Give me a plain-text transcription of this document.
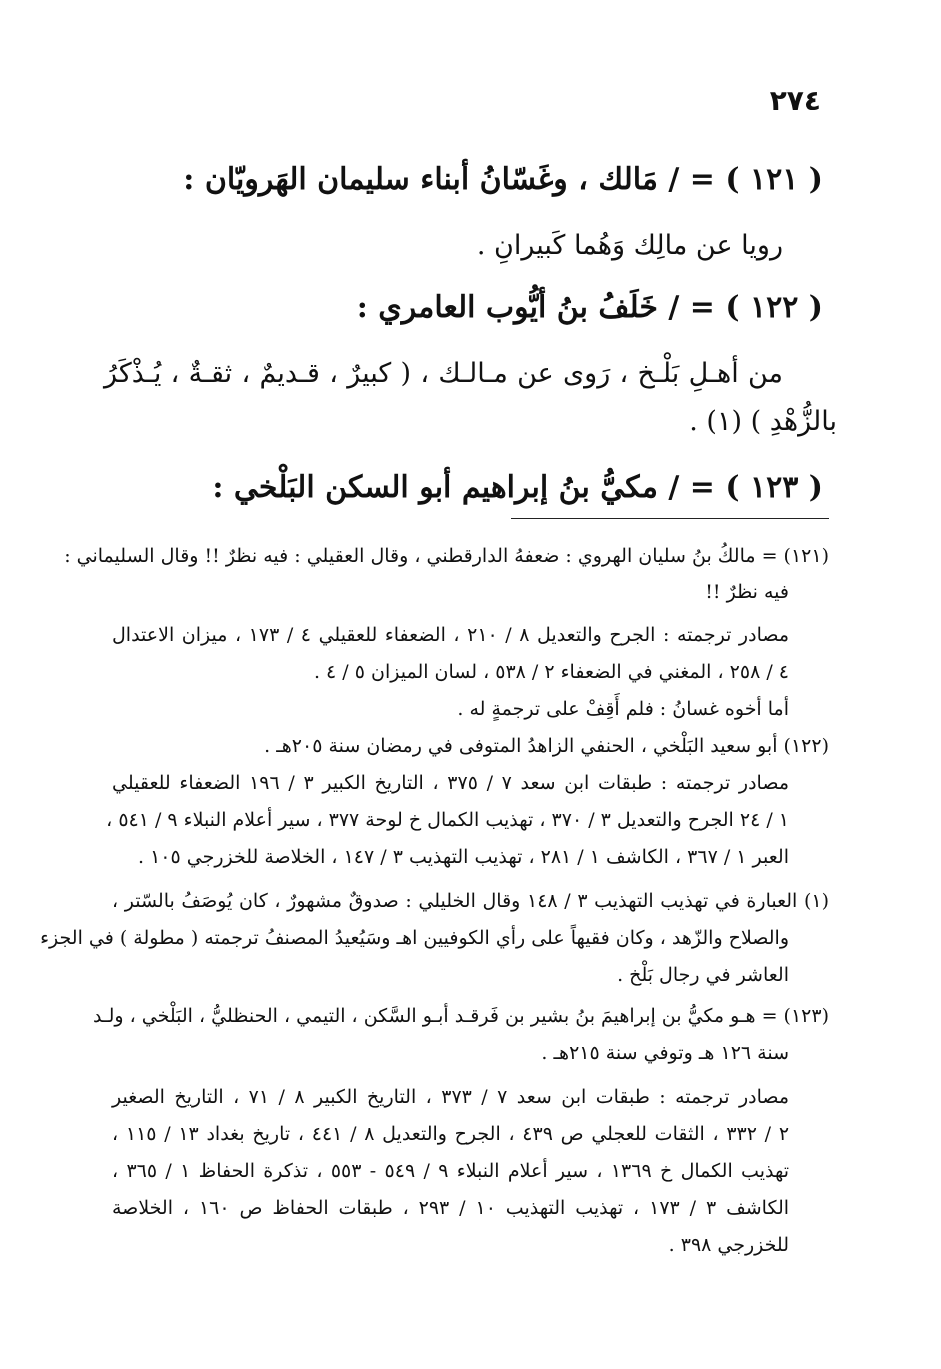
٢٧٤
( ١٢١ ) = / مَالك ، وغَسّانُ أبناء سليمان الهَرويّان :
رويا عن مالِك وَهُما كَبيرانِ .
( ١٢٢ ) = / خَلَفُ بنُ أيُّوب العامري :
من أهـلِ بَلْـخ ، رَوى عن مـالـك ، ( كبيرٌ ، قـديمٌ ، ثقـةٌ ، يُـذْكَرُ
بالزُّهْدِ ) (١) .
( ١٢٣ ) = / مكيُّ بنُ إبراهيم أبو السكن البَلْخي :
(١٢١) = مالكُ بنُ سليان الهروي : ضعفهُ الدارقطني ، وقال العقيلي : فيه نظرٌ !! وقال السليماني :
فيه نظرٌ !!
مصادر ترجمته : الجرح والتعديل ٨ / ٢١٠ ، الضعفاء للعقيلي ٤ / ١٧٣ ، ميزان الاعتدال
٤ / ٢٥٨ ، المغني في الضعفاء ٢ / ٥٣٨ ، لسان الميزان ٥ / ٤ .
أما أخوه غسانُ : فلم أَقِفْ على ترجمةٍ له .
(١٢٢) أبو سعيد البَلْخي ، الحنفي الزاهدُ المتوفى في رمضان سنة ٢٠٥هـ .
مصادر ترجمته : طبقات ابن سعد ٧ / ٣٧٥ ، التاريخ الكبير ٣ / ١٩٦ الضعفاء للعقيلي
١ / ٢٤ الجرح والتعديل ٣ / ٣٧٠ ، تهذيب الكمال خ لوحة ٣٧٧ ، سير أعلام النبلاء ٩ / ٥٤١ ،
العبر ١ / ٣٦٧ ، الكاشف ١ / ٢٨١ ، تهذيب التهذيب ٣ / ١٤٧ ، الخلاصة للخزرجي ١٠٥ .
(١) العبارة في تهذيب التهذيب ٣ / ١٤٨ وقال الخليلي : صدوقٌ مشهورٌ ، كان يُوصَفُ بالسّتر ،
والصلاح والزّهد ، وكان فقيهاً على رأي الكوفيين اهـ وسَيُعيدُ المصنفُ ترجمته ( مطولة ) في الجزء
العاشر في رجال بَلْخ .
(١٢٣) = هـو مكيُّ بن إبراهيمَ بنُ بشير بن فَرقـد أبـو السَّكن ، التيمي ، الحنظليُّ ، البَلْخي ، ولـد
سنة ١٢٦ هـ وتوفي سنة ٢١٥هـ .
مصادر ترجمته : طبقات ابن سعد ٧ / ٣٧٣ ، التاريخ الكبير ٨ / ٧١ ، التاريخ الصغير
٢ / ٣٣٢ ، الثقات للعجلي ص ٤٣٩ ، الجرح والتعديل ٨ / ٤٤١ ، تاريخ بغداد ١٣ / ١١٥ ،
تهذيب الكمال خ ١٣٦٩ ، سير أعلام النبلاء ٩ / ٥٤٩ - ٥٥٣ ، تذكرة الحفاظ ١ / ٣٦٥ ،
الكاشف ٣ / ١٧٣ ، تهذيب التهذيب ١٠ / ٢٩٣ ، طبقات الحفاظ ص ١٦٠ ، الخلاصة
للخزرجي ٣٩٨ .
